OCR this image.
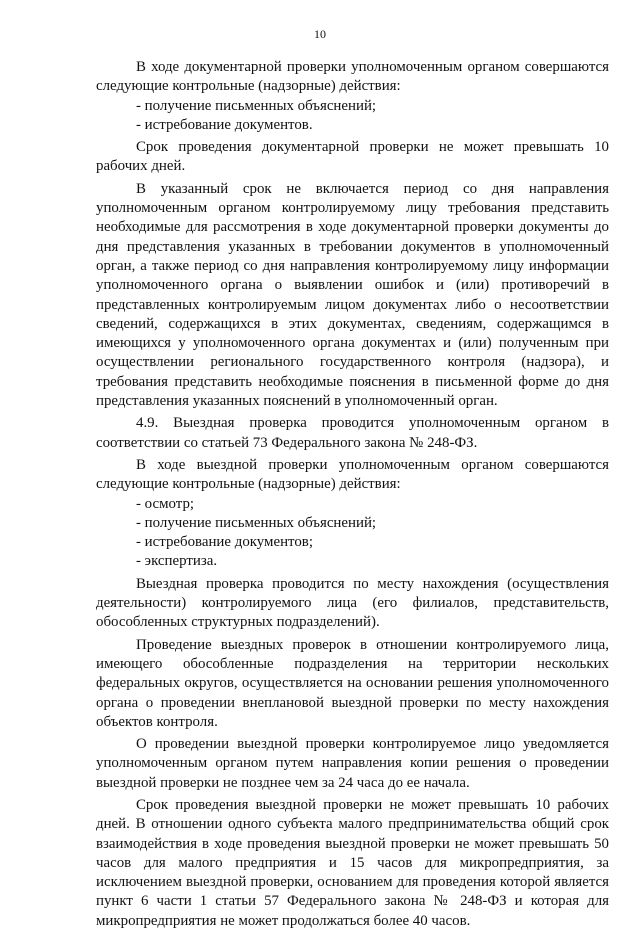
10

В ходе документарной проверки уполномоченным органом совершаются следующие контрольные (надзорные) действия:

- получение письменных объяснений;

- истребование документов.

Срок проведения документарной проверки не может превышать 10 рабочих дней.

В указанный срок не включается период со дня направления уполномоченным органом контролируемому лицу требования представить необходимые для рассмотрения в ходе документарной проверки документы до дня представления указанных в требовании документов в уполномоченный орган, а также период со дня направления контролируемому лицу информации уполномоченного органа о выявлении ошибок и (или) противоречий в представленных контролируемым лицом документах либо о несоответствии сведений, содержащихся в этих документах, сведениям, содержащимся в имеющихся у уполномоченного органа документах и (или) полученным при осуществлении регионального государственного контроля (надзора), и требования представить необходимые пояснения в письменной форме до дня представления указанных пояснений в уполномоченный орган.

4.9. Выездная проверка проводится уполномоченным органом в соответствии со статьей 73 Федерального закона № 248-ФЗ.

В ходе выездной проверки уполномоченным органом совершаются следующие контрольные (надзорные) действия:

- осмотр;

- получение письменных объяснений;

- истребование документов;

- экспертиза.

Выездная проверка проводится по месту нахождения (осуществления деятельности) контролируемого лица (его филиалов, представительств, обособленных структурных подразделений).

Проведение выездных проверок в отношении контролируемого лица, имеющего обособленные подразделения на территории нескольких федеральных округов, осуществляется на основании решения уполномоченного органа о проведении внеплановой выездной проверки по месту нахождения объектов контроля.

О проведении выездной проверки контролируемое лицо уведомляется уполномоченным органом путем направления копии решения о проведении выездной проверки не позднее чем за 24 часа до ее начала.

Срок проведения выездной проверки не может превышать 10 рабочих дней. В отношении одного субъекта малого предпринимательства общий срок взаимодействия в ходе проведения выездной проверки не может превышать 50 часов для малого предприятия и 15 часов для микропредприятия, за исключением выездной проверки, основанием для проведения которой является пункт 6 части 1 статьи 57 Федерального закона № 248-ФЗ и которая для микропредприятия не может продолжаться более 40 часов.
